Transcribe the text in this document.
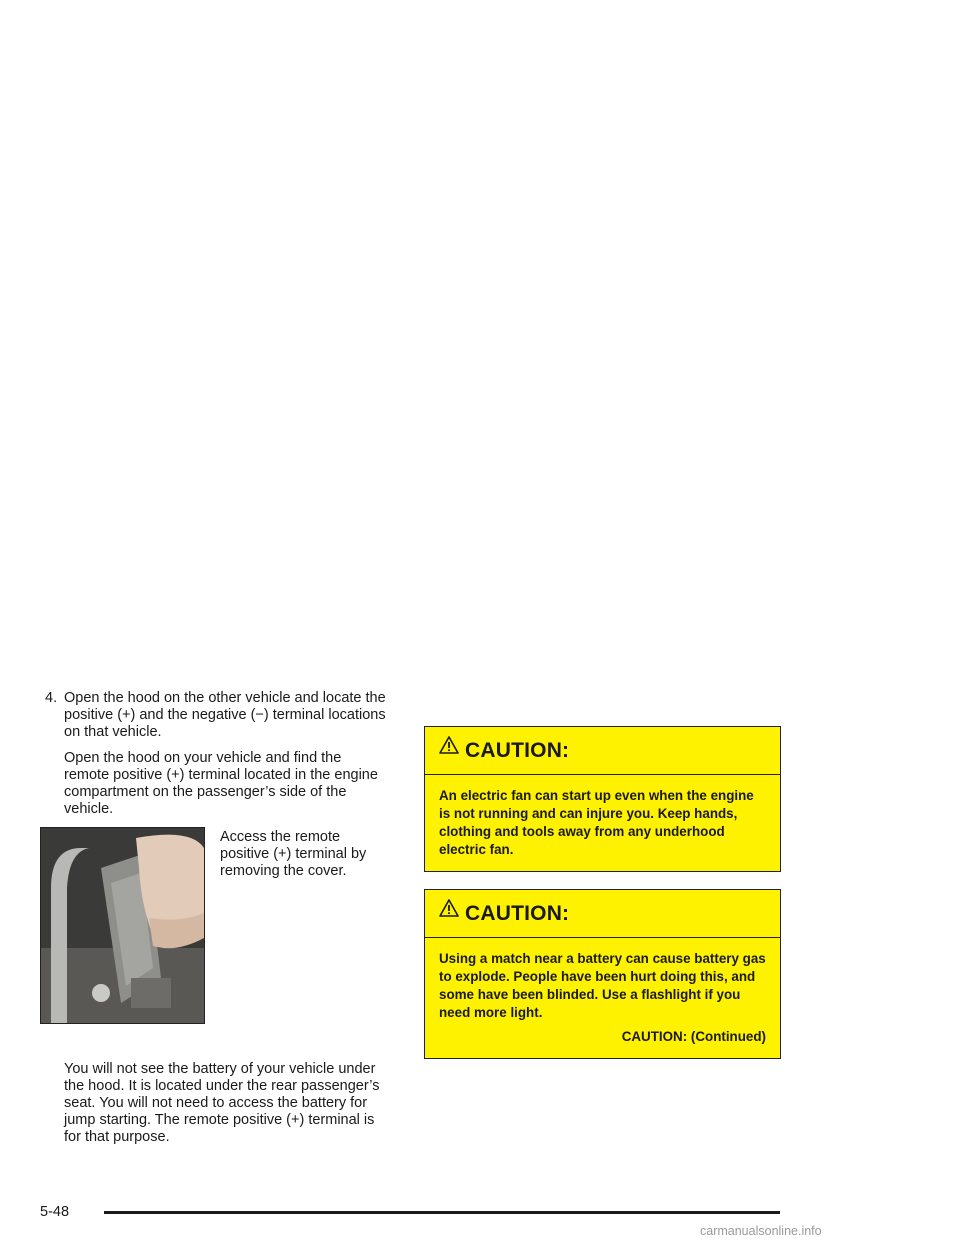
4. Open the hood on the other vehicle and locate the positive (+) and the negative (−) terminal locations on that vehicle.

Open the hood on your vehicle and find the remote positive (+) terminal located in the engine compartment on the passenger’s side of the vehicle.

Access the remote positive (+) terminal by removing the cover.

You will not see the battery of your vehicle under the hood. It is located under the rear passenger’s seat. You will not need to access the battery for jump starting. The remote positive (+) terminal is for that purpose.

CAUTION:
An electric fan can start up even when the engine is not running and can injure you. Keep hands, clothing and tools away from any underhood electric fan.
CAUTION:
Using a match near a battery can cause battery gas to explode. People have been hurt doing this, and some have been blinded. Use a flashlight if you need more light.
CAUTION: (Continued)
5-48
carmanualsonline.info
